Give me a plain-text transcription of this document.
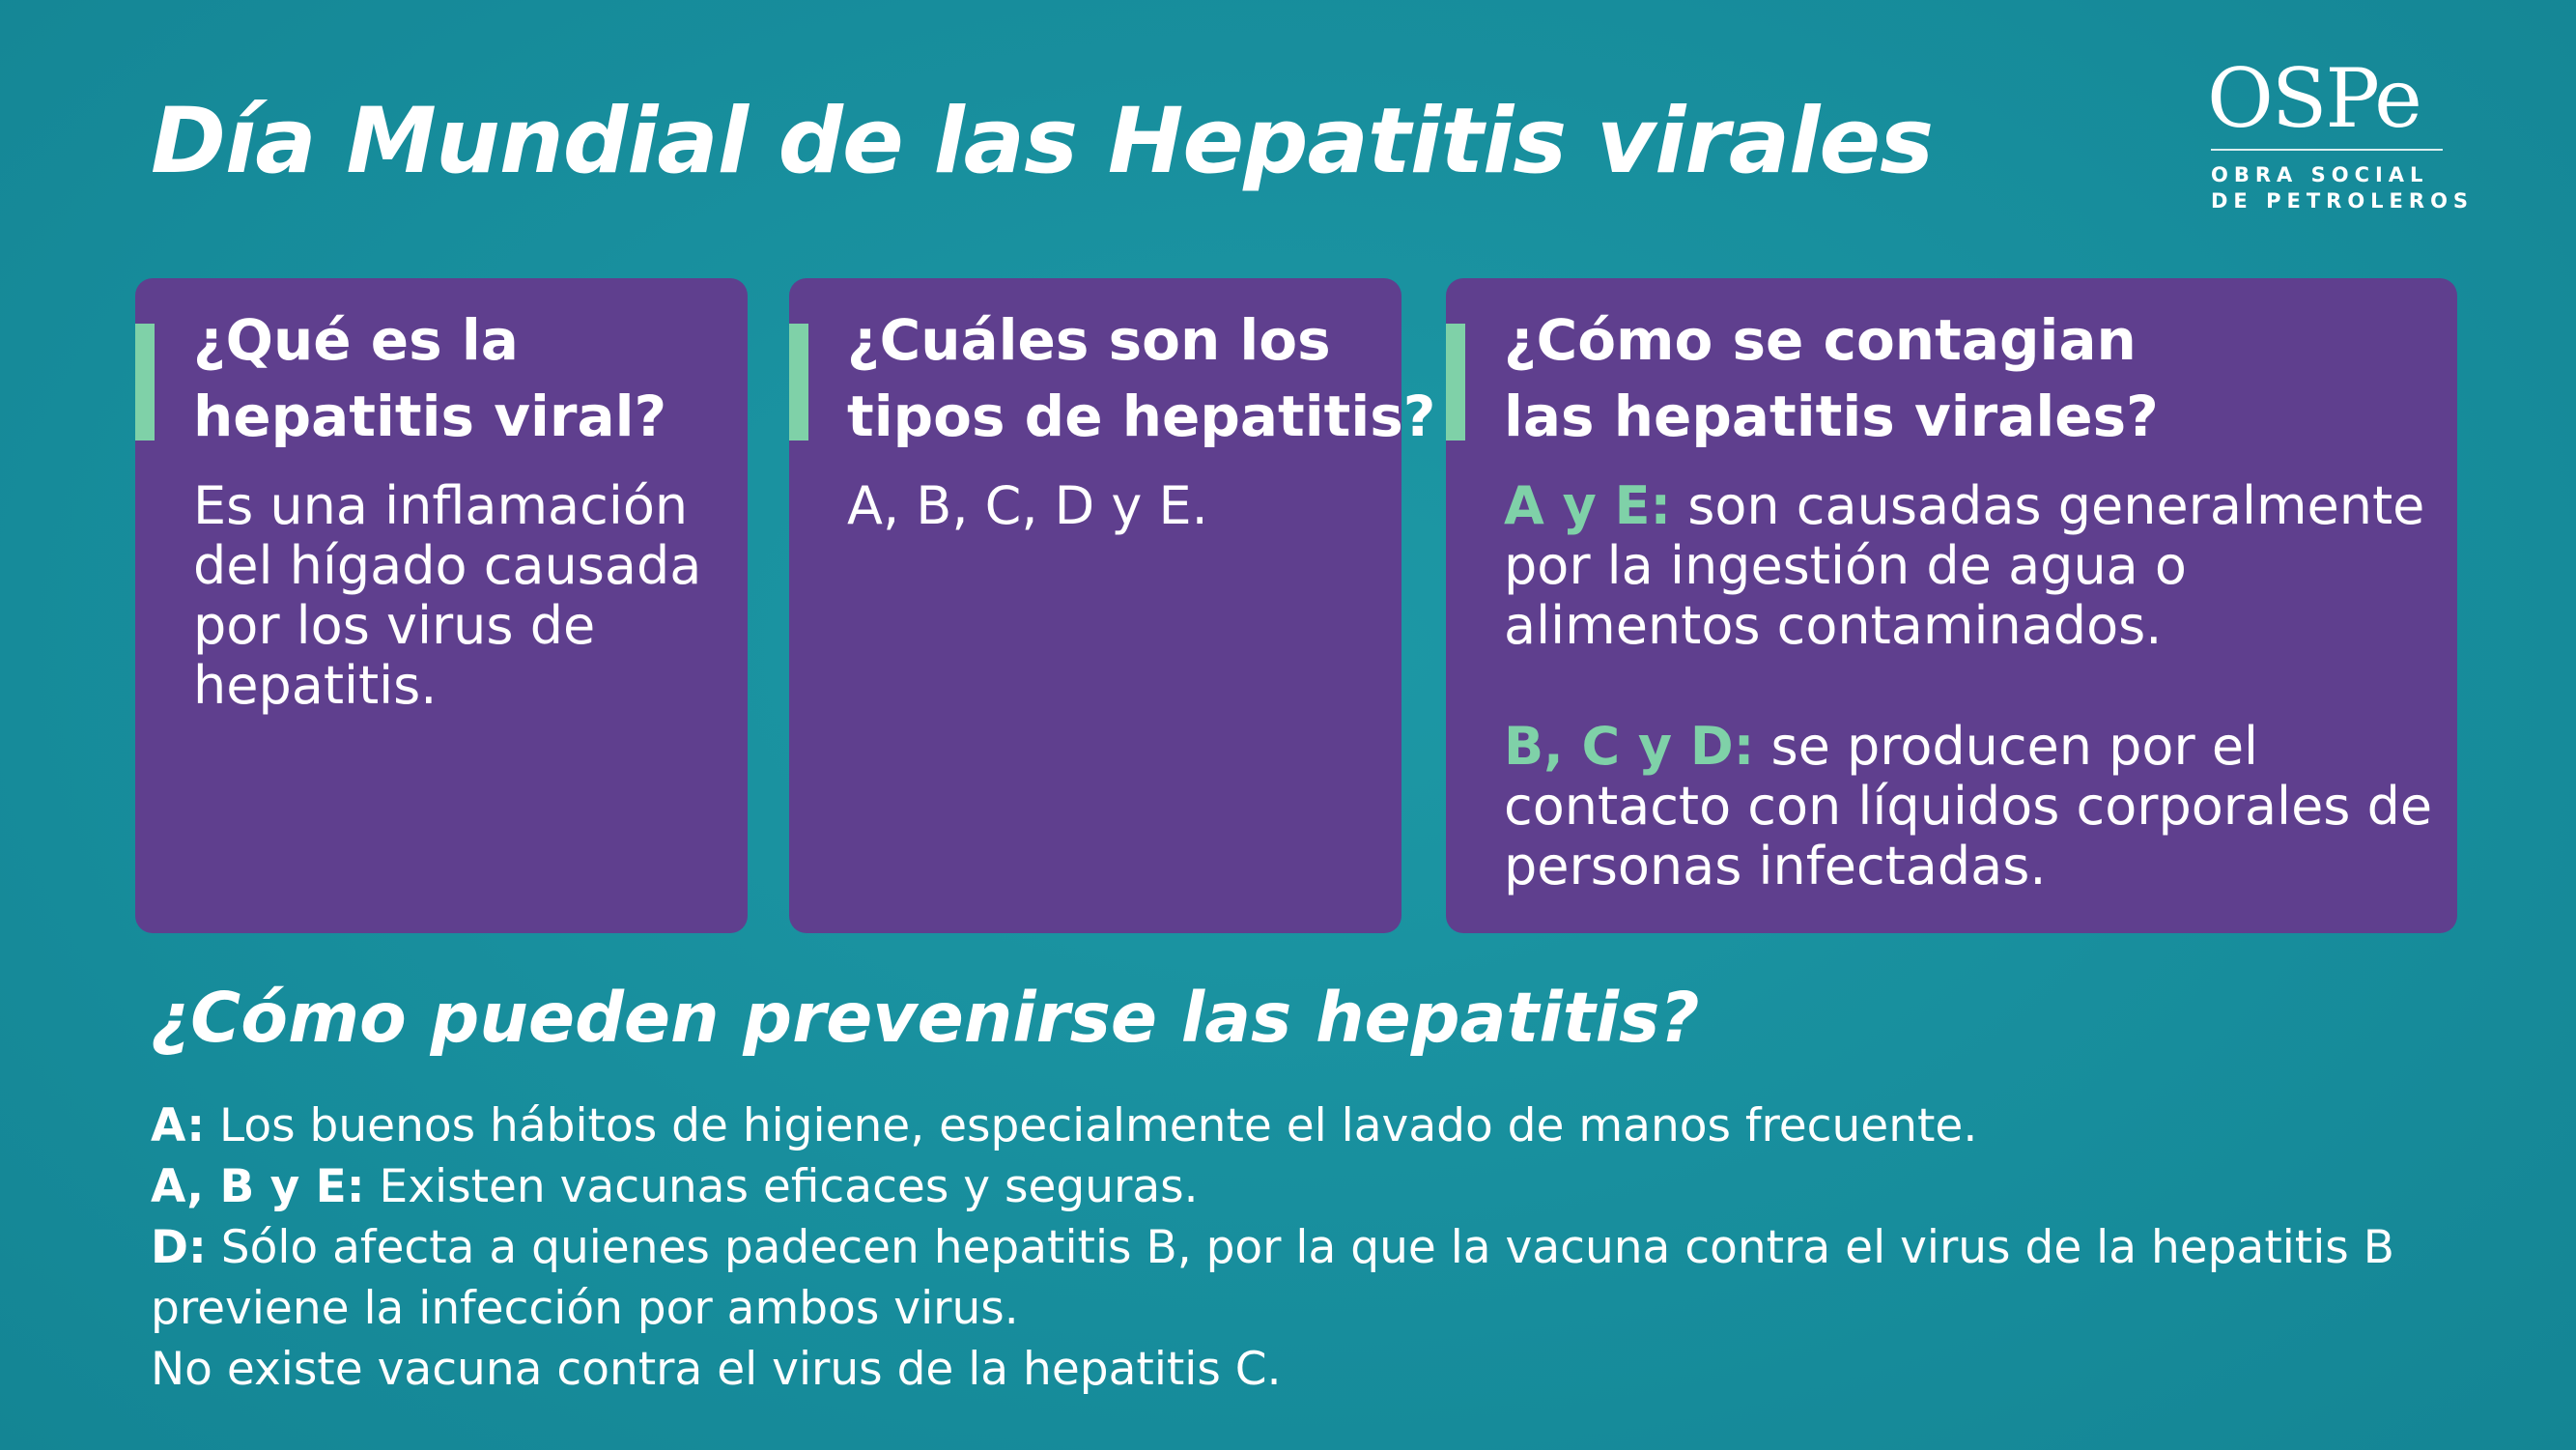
Día Mundial de las Hepatitis virales	OSPe
OBRA SOCIAL
DE PETROLEROS
¿Qué es la
hepatitis viral?

Es una inflamación del hígado causada por los virus de hepatitis.

¿Cuáles son los
tipos de hepatitis?

A, B, C, D y E.

¿Cómo se contagian
las hepatitis virales?

A y E: son causadas generalmente por la ingestión de agua o alimentos contaminados.

B, C y D: se producen por el contacto con líquidos corporales de personas infectadas.

¿Cómo pueden prevenirse las hepatitis?

A: Los buenos hábitos de higiene, especialmente el lavado de manos frecuente.

A, B y E: Existen vacunas eficaces y seguras.

D: Sólo afecta a quienes padecen hepatitis B, por la que la vacuna contra el virus de la hepatitis B previene la infección por ambos virus.

No existe vacuna contra el virus de la hepatitis C.
